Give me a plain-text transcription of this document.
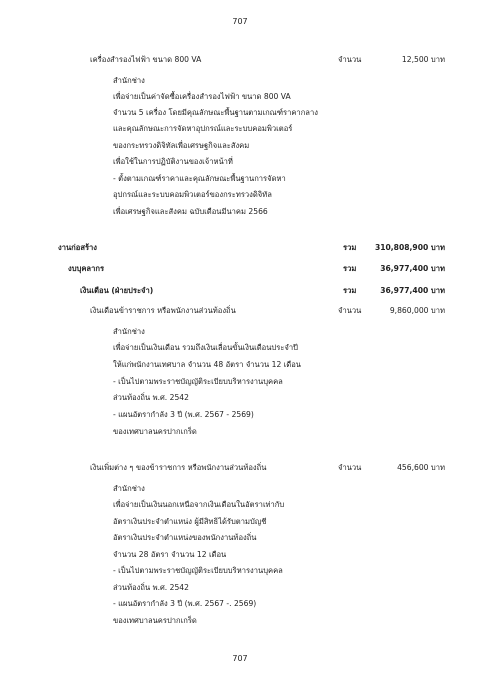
707
เครื่องสำรองไฟฟ้า ขนาด 800 VA	จำนวน	12,500 บาท
สำนักช่าง
เพื่อจ่ายเป็นค่าจัดซื้อเครื่องสำรองไฟฟ้า ขนาด 800 VA
จำนวน 5 เครื่อง โดยมีคุณลักษณะพื้นฐานตามเกณฑ์ราคากลาง
และคุณลักษณะการจัดหาอุปกรณ์และระบบคอมพิวเตอร์
ของกระทรวงดิจิทัลเพื่อเศรษฐกิจและสังคม
เพื่อใช้ในการปฏิบัติงานของเจ้าหน้าที่
- ตั้งตามเกณฑ์ราคาและคุณลักษณะพื้นฐานการจัดหา
อุปกรณ์และระบบคอมพิวเตอร์ของกระทรวงดิจิทัล
เพื่อเศรษฐกิจและสังคม ฉบับเดือนมีนาคม 2566
งานก่อสร้าง	รวม	310,808,900 บาท
งบบุคลากร	รวม	36,977,400 บาท
เงินเดือน (ฝ่ายประจำ)	รวม	36,977,400 บาท
เงินเดือนข้าราชการ หรือพนักงานส่วนท้องถิ่น	จำนวน	9,860,000 บาท
สำนักช่าง
เพื่อจ่ายเป็นเงินเดือน รวมถึงเงินเลื่อนขั้นเงินเดือนประจำปี
ให้แก่พนักงานเทศบาล จำนวน 48 อัตรา จำนวน 12 เดือน
- เป็นไปตามพระราชบัญญัติระเบียบบริหารงานบุคคล
ส่วนท้องถิ่น พ.ศ. 2542
- แผนอัตรากำลัง 3 ปี (พ.ศ. 2567 - 2569)
ของเทศบาลนครปากเกร็ด
เงินเพิ่มต่าง ๆ ของข้าราชการ หรือพนักงานส่วนท้องถิ่น	จำนวน	456,600 บาท
สำนักช่าง
เพื่อจ่ายเป็นเงินนอกเหนือจากเงินเดือนในอัตราเท่ากับ
อัตราเงินประจำตำแหน่ง ผู้มีสิทธิได้รับตามบัญชี
อัตราเงินประจำตำแหน่งของพนักงานท้องถิ่น
จำนวน 28 อัตรา จำนวน 12 เดือน
- เป็นไปตามพระราชบัญญัติระเบียบบริหารงานบุคคล
ส่วนท้องถิ่น พ.ศ. 2542
- แผนอัตรากำลัง 3 ปี (พ.ศ. 2567 -. 2569)
ของเทศบาลนครปากเกร็ด
707
